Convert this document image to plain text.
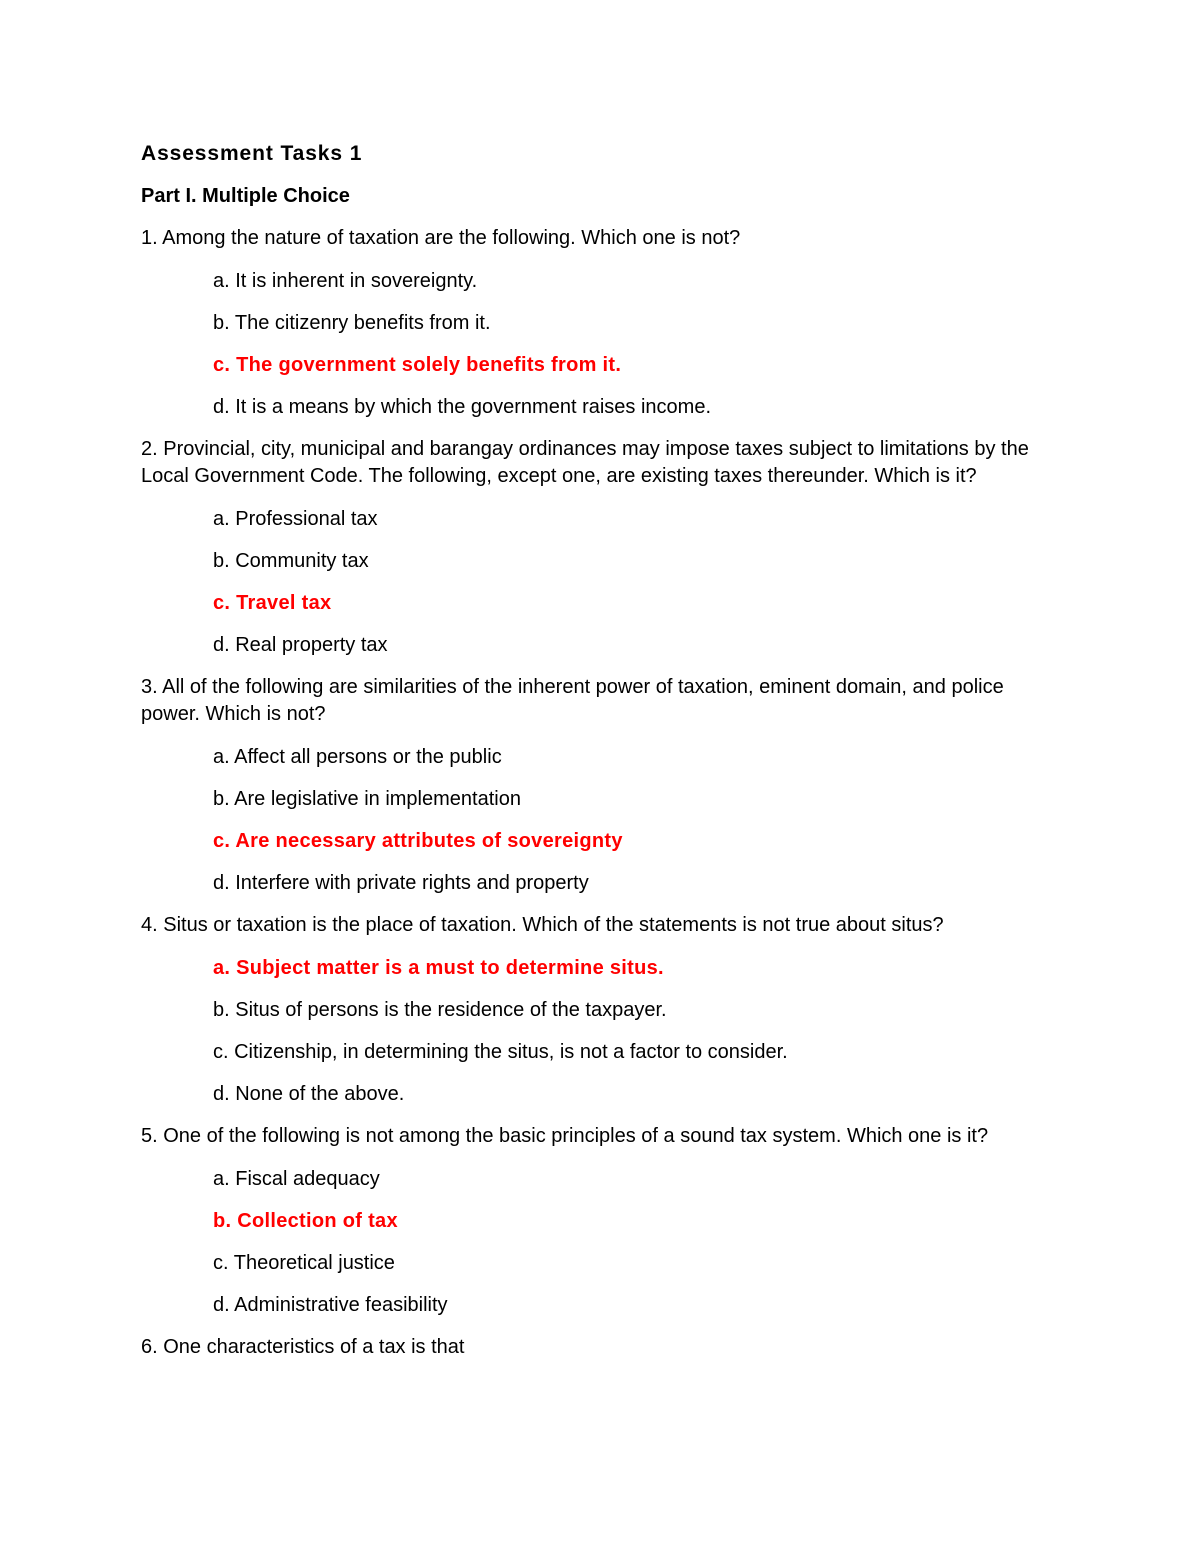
Assessment Tasks 1
Part I. Multiple Choice
1. Among the nature of taxation are the following. Which one is not?
a. It is inherent in sovereignty.
b. The citizenry benefits from it.
c. The government solely benefits from it.
d. It is a means by which the government raises income.
2. Provincial, city, municipal and barangay ordinances may impose taxes subject to limitations by the Local Government Code. The following, except one, are existing taxes thereunder. Which is it?
a. Professional tax
b. Community tax
c. Travel tax
d. Real property tax
3. All of the following are similarities of the inherent power of taxation, eminent domain, and police power. Which is not?
a. Affect all persons or the public
b. Are legislative in implementation
c. Are necessary attributes of sovereignty
d. Interfere with private rights and property
4. Situs or taxation is the place of taxation. Which of the statements is not true about situs?
a. Subject matter is a must to determine situs.
b. Situs of persons is the residence of the taxpayer.
c. Citizenship, in determining the situs, is not a factor to consider.
d. None of the above.
5. One of the following is not among the basic principles of a sound tax system. Which one is it?
a. Fiscal adequacy
b. Collection of tax
c. Theoretical justice
d. Administrative feasibility
6. One characteristics of a tax is that
